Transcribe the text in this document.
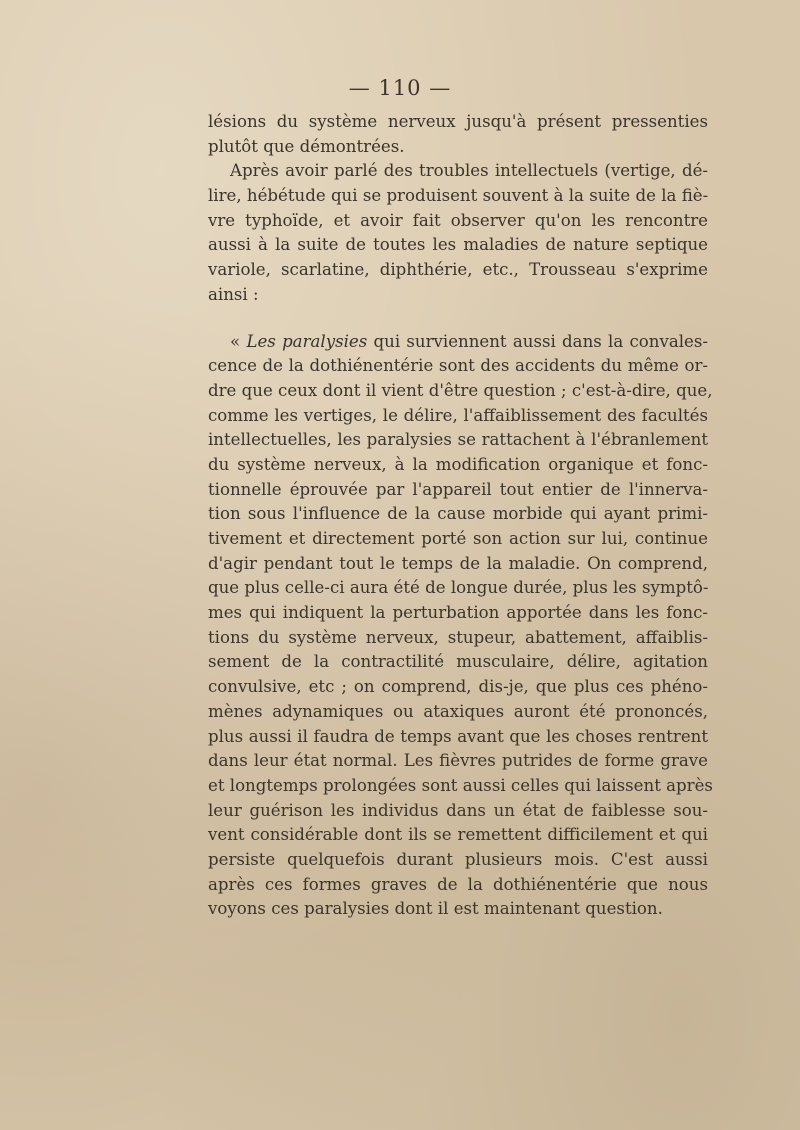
— 110 —
lésions du système nerveux jusqu'à présent pressenties
plutôt que démontrées.
Après avoir parlé des troubles intellectuels (vertige, dé-
lire, hébétude qui se produisent souvent à la suite de la fiè-
vre typhoïde, et avoir fait observer qu'on les rencontre
aussi à la suite de toutes les maladies de nature septique
variole, scarlatine, diphthérie, etc., Trousseau s'exprime
ainsi :
« Les paralysies qui surviennent aussi dans la convales-
cence de la dothiénentérie sont des accidents du même or-
dre que ceux dont il vient d'être question ; c'est-à-dire, que,
comme les vertiges, le délire, l'affaiblissement des facultés
intellectuelles, les paralysies se rattachent à l'ébranlement
du système nerveux, à la modification organique et fonc-
tionnelle éprouvée par l'appareil tout entier de l'innerva-
tion sous l'influence de la cause morbide qui ayant primi-
tivement et directement porté son action sur lui, continue
d'agir pendant tout le temps de la maladie. On comprend,
que plus celle-ci aura été de longue durée, plus les symptô-
mes qui indiquent la perturbation apportée dans les fonc-
tions du système nerveux, stupeur, abattement, affaiblis-
sement de la contractilité musculaire, délire, agitation
convulsive, etc ; on comprend, dis-je, que plus ces phéno-
mènes adynamiques ou ataxiques auront été prononcés,
plus aussi il faudra de temps avant que les choses rentrent
dans leur état normal. Les fièvres putrides de forme grave
et longtemps prolongées sont aussi celles qui laissent après
leur guérison les individus dans un état de faiblesse sou-
vent considérable dont ils se remettent difficilement et qui
persiste quelquefois durant plusieurs mois. C'est aussi
après ces formes graves de la dothiénentérie que nous
voyons ces paralysies dont il est maintenant question.
